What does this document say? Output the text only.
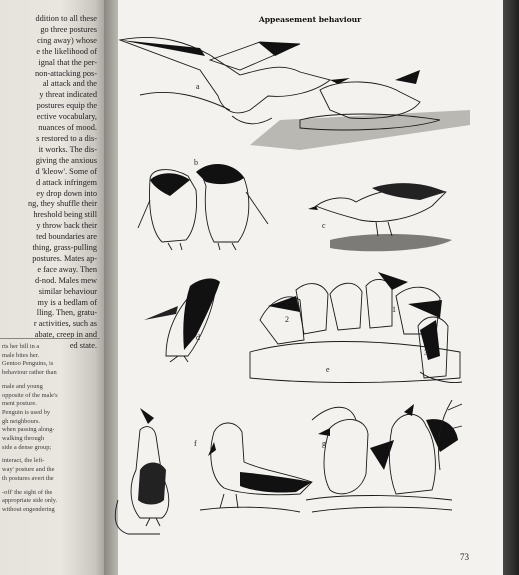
ddition to all these
go three postures
cing away) whose
e the likelihood of
ignal that the per-
non-attacking pos-
al attack and the
y threat indicated
postures equip the
ective vocabulary,
nuances of mood.
s restored to a dis-
it works. The dis-
giving the anxious
d 'kleow'. Some of
d attack infringem
ey drop down into
ng, they shuffle their
hreshold being still
y throw back their
ted boundaries are
thing, grass-pulling
postures. Mates ap-
e face away. Then
d-nod. Males mew
similar behaviour
my is a bedlam of
lling. Then, gratu-
r activities, such as
abate, creep in and
ed state.
rts her bill in a
male bites her.
Gentoo Penguins, is
behaviour rather than
male and young
opposite of the male's
ment posture.
Penguin is used by
gh neighbours.
when passing along-
walking through
side a dense group;
interact, the left-
way' posture and the
th postures avert the
-off' the sight of the
appropriate side only.
without engendering
Appeasement behaviour
73
a
b
c
d
2
1
3
e
f	g
